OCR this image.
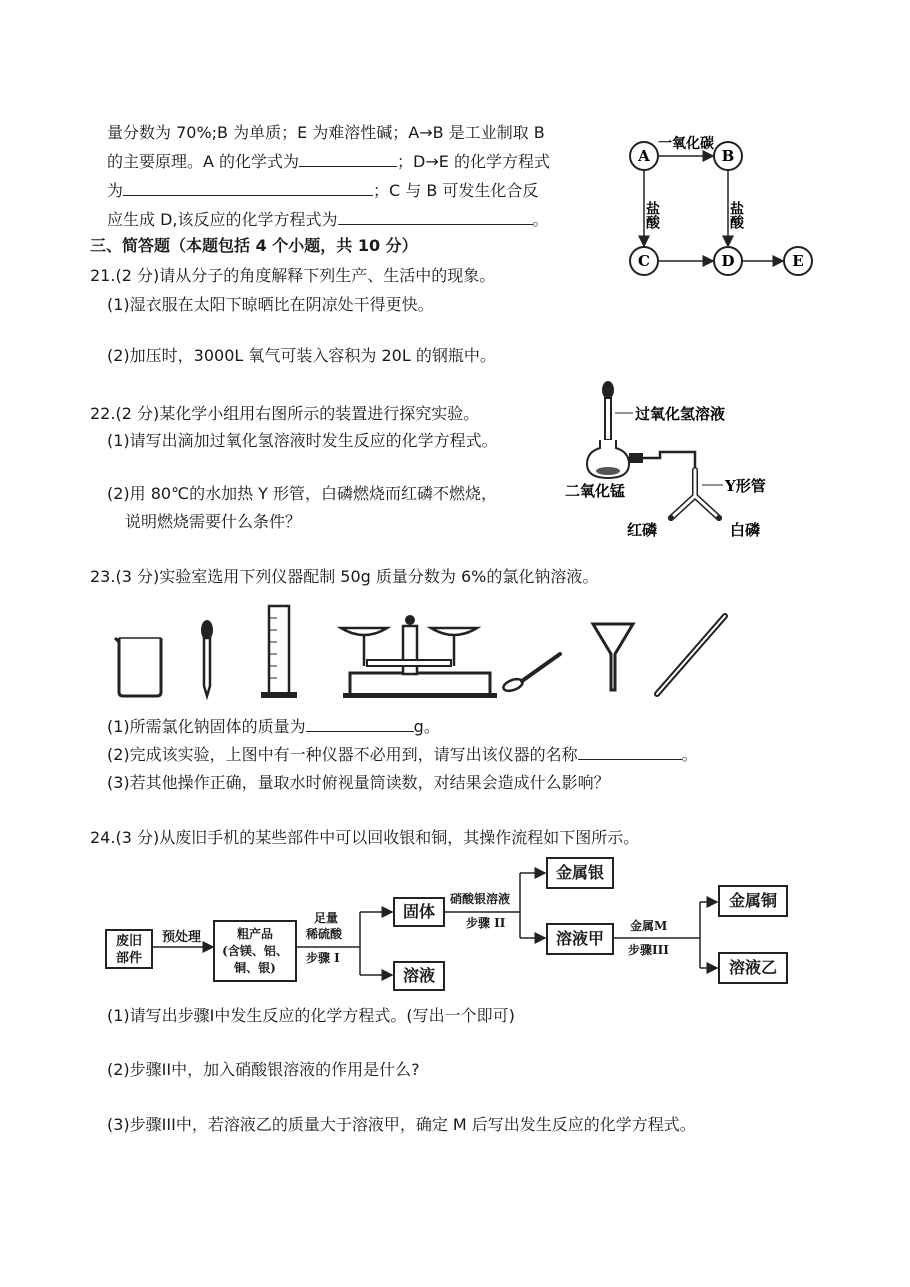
量分数为 70%;B 为单质；E 为难溶性碱；A→B 是工业制取 B
的主要原理。A 的化学式为	；D→E 的化学方程式
为	；C 与 B 可发生化合反
应生成 D,该反应的化学方程式为	。
A	B
C	D	E
一氧化碳
盐酸	盐酸
三、简答题（本题包括 4 个小题，共 10 分）
21.(2 分)请从分子的角度解释下列生产、生活中的现象。
(1)湿衣服在太阳下晾晒比在阴凉处干得更快。
(2)加压时，3000L 氧气可装入容积为 20L 的钢瓶中。
22.(2 分)某化学小组用右图所示的装置进行探究实验。
(1)请写出滴加过氧化氢溶液时发生反应的化学方程式。
(2)用 80℃的水加热 Y 形管，白磷燃烧而红磷不燃烧，
说明燃烧需要什么条件？
过氧化氢溶液
二氧化锰	Y形管
红磷	白磷
23.(3 分)实验室选用下列仪器配制 50g 质量分数为 6%的氯化钠溶液。
(1)所需氯化钠固体的质量为	g。
(2)完成该实验，上图中有一种仪器不必用到，请写出该仪器的名称	。
(3)若其他操作正确，量取水时俯视量筒读数，对结果会造成什么影响？
24.(3 分)从废旧手机的某些部件中可以回收银和铜，其操作流程如下图所示。
废旧
部件
预处理	粗产品
(含镁、铝、
铜、银)
足量
稀硫酸
步骤 I
固体
溶液
硝酸银溶液
步骤 II
金属银
溶液甲
金属M
步骤III
金属铜
溶液乙
(1)请写出步骤I中发生反应的化学方程式。(写出一个即可)
(2)步骤II中，加入硝酸银溶液的作用是什么?
(3)步骤III中，若溶液乙的质量大于溶液甲，确定 M 后写出发生反应的化学方程式。
